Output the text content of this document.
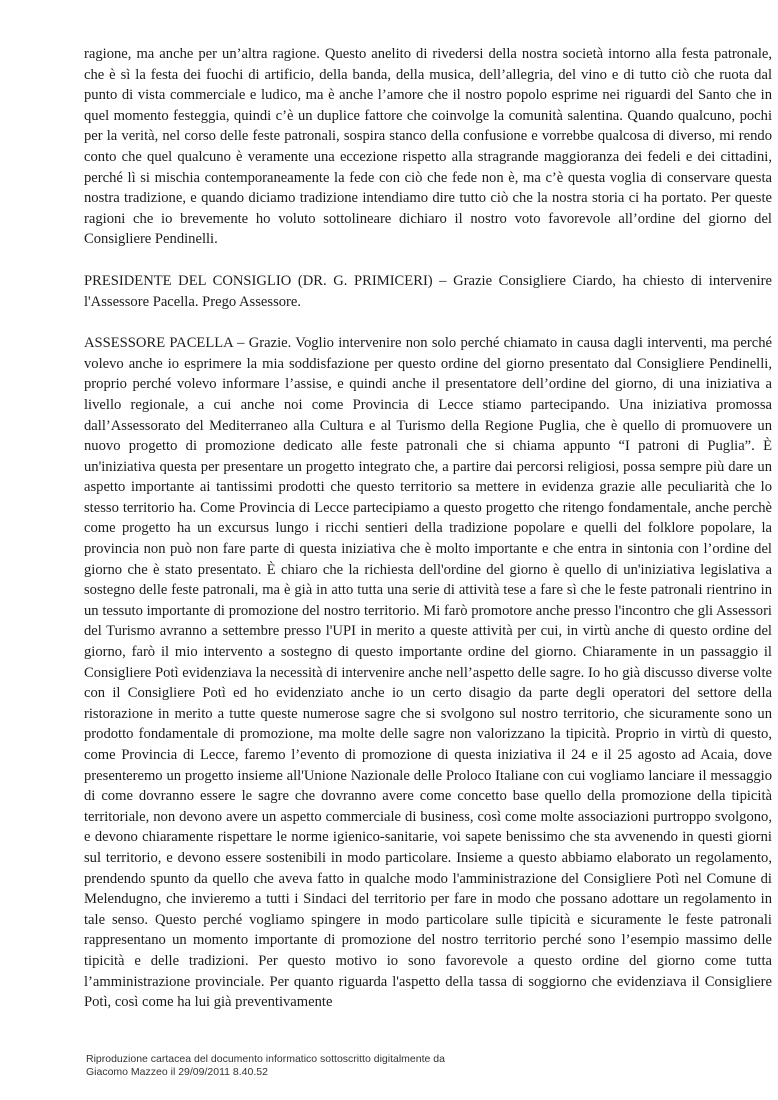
ragione, ma anche per un’altra ragione. Questo anelito di rivedersi della nostra società intorno alla festa patronale, che è sì la festa dei fuochi di artificio, della banda, della musica, dell’allegria, del vino e di tutto ciò che ruota dal punto di vista commerciale e ludico, ma è anche l’amore che il nostro popolo esprime nei riguardi del Santo che in quel momento festeggia, quindi c’è un duplice fattore che coinvolge la comunità salentina. Quando qualcuno, pochi per la verità, nel corso delle feste patronali, sospira stanco della confusione e vorrebbe qualcosa di diverso, mi rendo conto che quel qualcuno è veramente una eccezione rispetto alla stragrande maggioranza dei fedeli e dei cittadini, perché lì si mischia contemporaneamente la fede con ciò che fede non è, ma c’è questa voglia di conservare questa nostra tradizione, e quando diciamo tradizione intendiamo dire tutto ciò che la nostra storia ci ha portato. Per queste ragioni che io brevemente ho voluto sottolineare dichiaro il nostro voto favorevole all’ordine del giorno del Consigliere Pendinelli.

PRESIDENTE DEL CONSIGLIO (DR. G. PRIMICERI) – Grazie Consigliere Ciardo, ha chiesto di intervenire l'Assessore Pacella. Prego Assessore.

ASSESSORE PACELLA – Grazie. Voglio intervenire non solo perché chiamato in causa dagli interventi, ma perché volevo anche io esprimere la mia soddisfazione per questo ordine del giorno presentato dal Consigliere Pendinelli, proprio perché volevo informare l’assise, e quindi anche il presentatore dell’ordine del giorno, di una iniziativa a livello regionale, a cui anche noi come Provincia di Lecce stiamo partecipando. Una iniziativa promossa dall’Assessorato del Mediterraneo alla Cultura e al Turismo della Regione Puglia, che è quello di promuovere un nuovo progetto di promozione dedicato alle feste patronali che si chiama appunto “I patroni di Puglia”. È un'iniziativa questa per presentare un progetto integrato che, a partire dai percorsi religiosi, possa sempre più dare un aspetto importante ai tantissimi prodotti che questo territorio sa mettere in evidenza grazie alle peculiarità che lo stesso territorio ha. Come Provincia di Lecce partecipiamo a questo progetto che ritengo fondamentale, anche perchè come progetto ha un excursus lungo i ricchi sentieri della tradizione popolare e quelli del folklore popolare, la provincia non può non fare parte di questa iniziativa che è molto importante e che entra in sintonia con l’ordine del giorno che è stato presentato. È chiaro che la richiesta dell'ordine del giorno è quello di un'iniziativa legislativa a sostegno delle feste patronali, ma è già in atto tutta una serie di attività tese a fare sì che le feste patronali rientrino in un tessuto importante di promozione del nostro territorio. Mi farò promotore anche presso l'incontro che gli Assessori del Turismo avranno a settembre presso l'UPI in merito a queste attività per cui, in virtù anche di questo ordine del giorno, farò il mio intervento a sostegno di questo importante ordine del giorno. Chiaramente in un passaggio il Consigliere Potì evidenziava la necessità di intervenire anche nell’aspetto delle sagre. Io ho già discusso diverse volte con il Consigliere Potì ed ho evidenziato anche io un certo disagio da parte degli operatori del settore della ristorazione in merito a tutte queste numerose sagre che si svolgono sul nostro territorio, che sicuramente sono un prodotto fondamentale di promozione, ma molte delle sagre non valorizzano la tipicità. Proprio in virtù di questo, come Provincia di Lecce, faremo l’evento di promozione di questa iniziativa il 24 e il 25 agosto ad Acaia, dove presenteremo un progetto insieme all'Unione Nazionale delle Proloco Italiane con cui vogliamo lanciare il messaggio di come dovranno essere le sagre che dovranno avere come concetto base quello della promozione della tipicità territoriale, non devono avere un aspetto commerciale di business, così come molte associazioni purtroppo svolgono, e devono chiaramente rispettare le norme igienico-sanitarie, voi sapete benissimo che sta avvenendo in questi giorni sul territorio, e devono essere sostenibili in modo particolare. Insieme a questo abbiamo elaborato un regolamento, prendendo spunto da quello che aveva fatto in qualche modo l'amministrazione del Consigliere Potì nel Comune di Melendugno, che invieremo a tutti i Sindaci del territorio per fare in modo che possano adottare un regolamento in tale senso. Questo perché vogliamo spingere in modo particolare sulle tipicità e sicuramente le feste patronali rappresentano un momento importante di promozione del nostro territorio perché sono l’esempio massimo delle tipicità e delle tradizioni. Per questo motivo io sono favorevole a questo ordine del giorno come tutta l’amministrazione provinciale. Per quanto riguarda l'aspetto della tassa di soggiorno che evidenziava il Consigliere Potì, così come ha lui già preventivamente

Riproduzione cartacea del documento informatico sottoscritto digitalmente da

Giacomo Mazzeo il 29/09/2011 8.40.52
